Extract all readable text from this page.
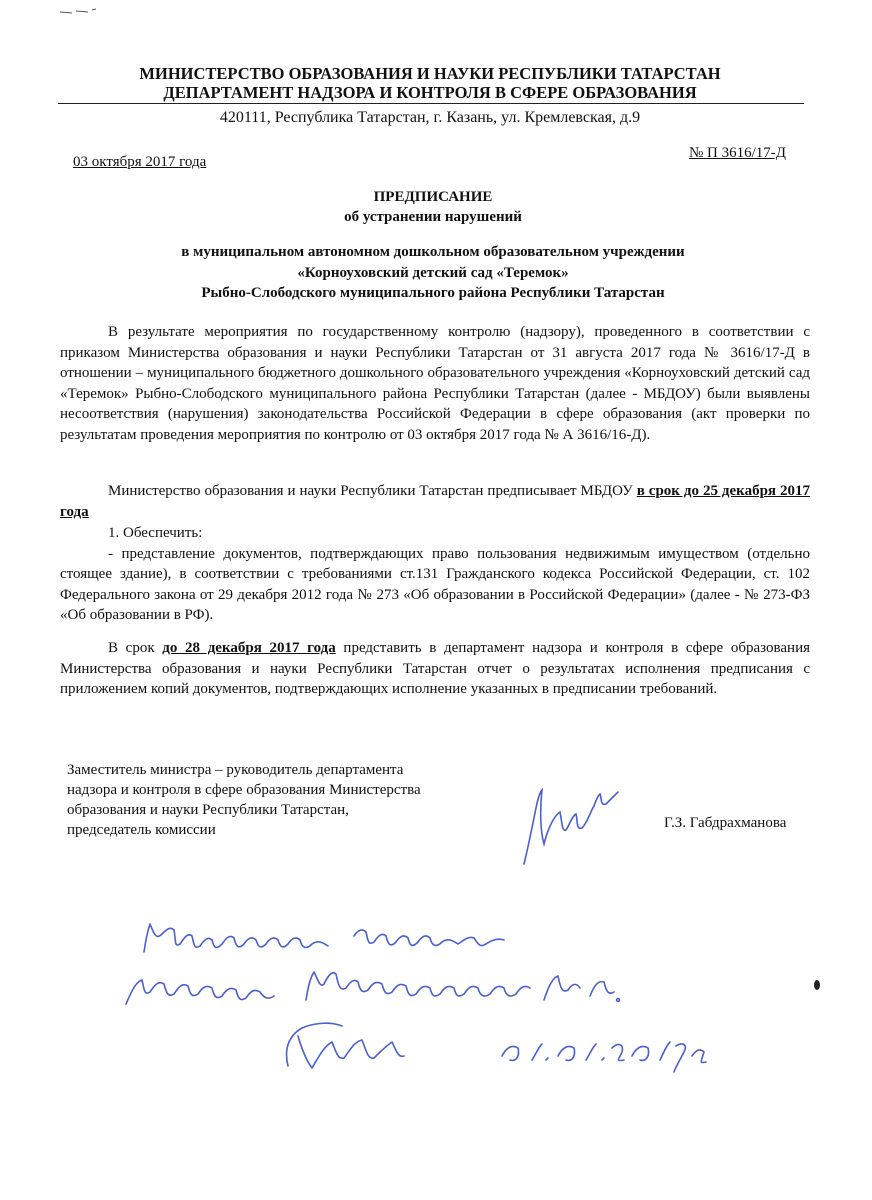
МИНИСТЕРСТВО ОБРАЗОВАНИЯ И НАУКИ РЕСПУБЛИКИ ТАТАРСТАН
ДЕПАРТАМЕНТ НАДЗОРА И КОНТРОЛЯ В СФЕРЕ ОБРАЗОВАНИЯ
420111, Республика Татарстан, г. Казань, ул. Кремлевская, д.9
03 октября 2017 года
№ П 3616/17-Д
ПРЕДПИСАНИЕ
об устранении нарушений
в муниципальном автономном дошкольном образовательном учреждении
«Корноуховский детский сад «Теремок»
Рыбно-Слободского муниципального района Республики Татарстан

В результате мероприятия по государственному контролю (надзору), проведенного в соответствии с приказом Министерства образования и науки Республики Татарстан от 31 августа 2017 года № 3616/17-Д в отношении – муниципального бюджетного дошкольного образовательного учреждения «Корноуховский детский сад «Теремок» Рыбно-Слободского муниципального района Республики Татарстан (далее - МБДОУ) были выявлены несоответствия (нарушения) законодательства Российской Федерации в сфере образования (акт проверки по результатам проведения мероприятия по контролю от 03 октября 2017 года № А 3616/16-Д).

Министерство образования и науки Республики Татарстан предписывает МБДОУ в срок до 25 декабря 2017 года

1. Обеспечить:
- представление документов, подтверждающих право пользования недвижимым имуществом (отдельно стоящее здание), в соответствии с требованиями ст.131 Гражданского кодекса Российской Федерации, ст. 102 Федерального закона от 29 декабря 2012 года № 273 «Об образовании в Российской Федерации» (далее - № 273-ФЗ «Об образовании в РФ).

В срок до 28 декабря 2017 года представить в департамент надзора и контроля в сфере образования Министерства образования и науки Республики Татарстан отчет о результатах исполнения предписания с приложением копий документов, подтверждающих исполнение указанных в предписании требований.

Заместитель министра – руководитель департамента
надзора и контроля в сфере образования Министерства
образования и науки Республики Татарстан,
председатель комиссии	Г.З. Габдрахманова
